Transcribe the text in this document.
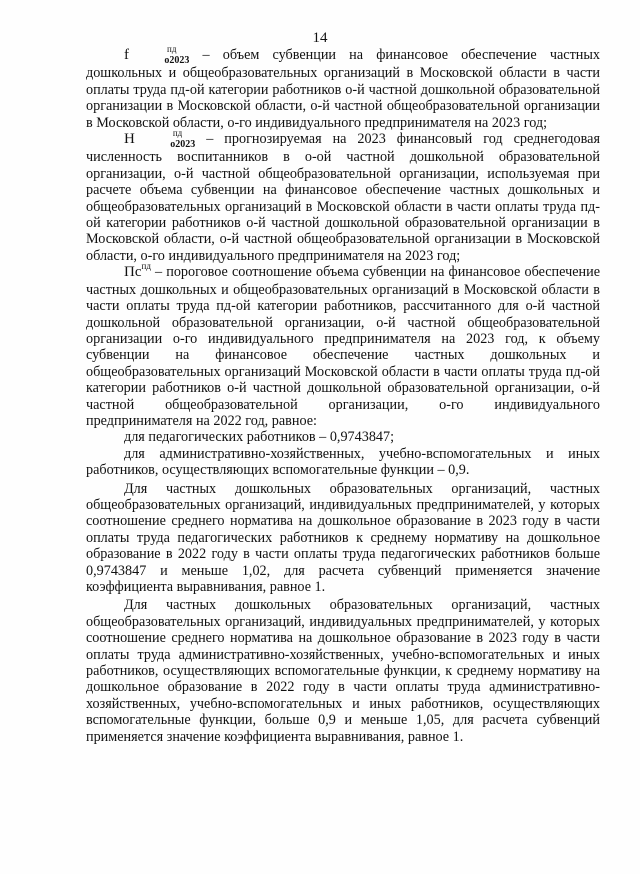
14

f	$^{пд}_{о2023}$ – объем субвенции на финансовое обеспечение частных дошкольных и общеобразовательных организаций в Московской области в части оплаты труда пд-ой категории работников о-й частной дошкольной образовательной организации в Московской области, о-й частной общеобразовательной организации в Московской области, о-го индивидуального предпринимателя на 2023 год;

Н	$^{пд}_{о2023}$ – прогнозируемая на 2023 финансовый год среднегодовая численность воспитанников в о-ой частной дошкольной образовательной организации, о-й частной общеобразовательной организации, используемая при расчете объема субвенции на финансовое обеспечение частных дошкольных и общеобразовательных организаций в Московской области в части оплаты труда пд-ой категории работников о-й частной дошкольной образовательной организации в Московской области, о-й частной общеобразовательной организации в Московской области, о-го индивидуального предпринимателя на 2023 год;

$Пс^{пд}$ – пороговое соотношение объема субвенции на финансовое обеспечение частных дошкольных и общеобразовательных организаций в Московской области в части оплаты труда пд-ой категории работников, рассчитанного для о-й частной дошкольной образовательной организации, о-й частной общеобразовательной организации о-го индивидуального предпринимателя на 2023 год, к объему субвенции на финансовое обеспечение частных дошкольных и общеобразовательных организаций Московской области в части оплаты труда пд-ой категории работников о-й частной дошкольной образовательной организации, о-й частной общеобразовательной организации, о-го индивидуального предпринимателя на 2022 год, равное:

для педагогических работников – 0,9743847;

для административно-хозяйственных, учебно-вспомогательных и иных работников, осуществляющих вспомогательные функции – 0,9.

Для частных дошкольных образовательных организаций, частных общеобразовательных организаций, индивидуальных предпринимателей, у которых соотношение среднего норматива на дошкольное образование в 2023 году в части оплаты труда педагогических работников к среднему нормативу на дошкольное образование в 2022 году в части оплаты труда педагогических работников больше 0,9743847 и меньше 1,02, для расчета субвенций применяется значение коэффициента выравнивания, равное 1.

Для частных дошкольных образовательных организаций, частных общеобразовательных организаций, индивидуальных предпринимателей, у которых соотношение среднего норматива на дошкольное образование в 2023 году в части оплаты труда административно-хозяйственных, учебно-вспомогательных и иных работников, осуществляющих вспомогательные функции, к среднему нормативу на дошкольное образование в 2022 году в части оплаты труда административно-хозяйственных, учебно-вспомогательных и иных работников, осуществляющих вспомогательные функции, больше 0,9 и меньше 1,05, для расчета субвенций применяется значение коэффициента выравнивания, равное 1.
